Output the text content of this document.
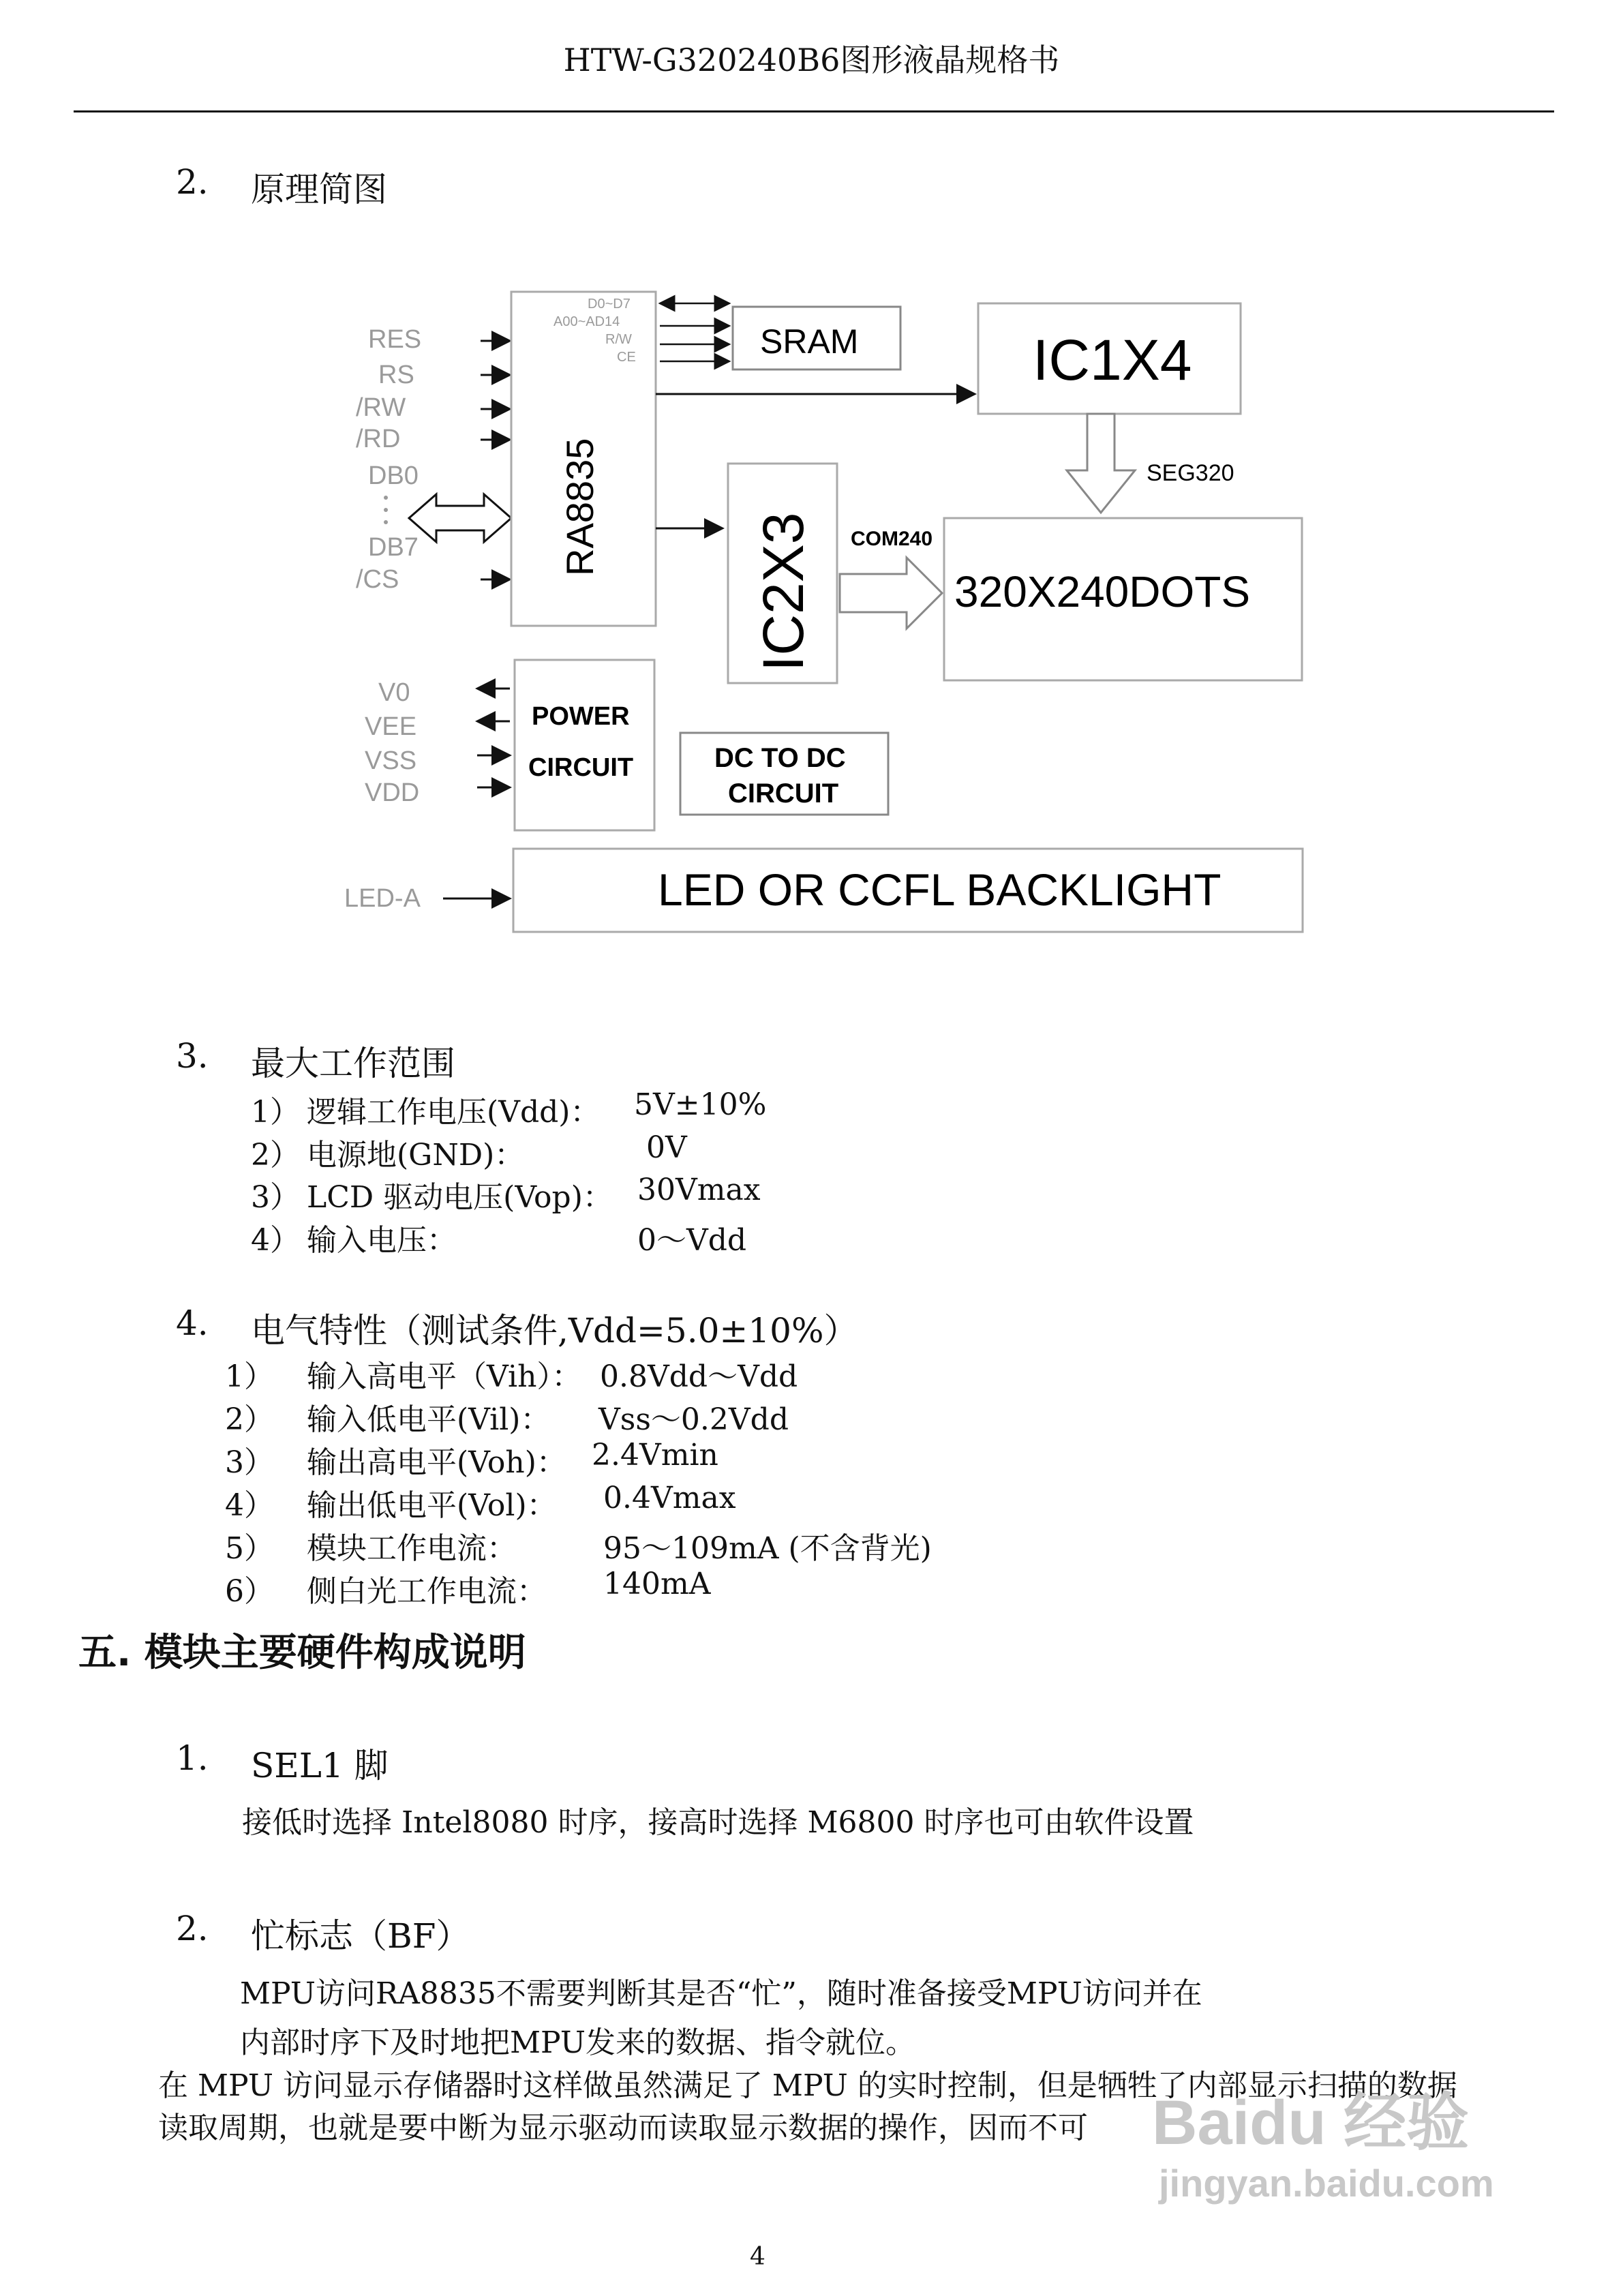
HTW-G320240B6图形液晶规格书
2. 原理简图
RES
RS
/RW
/RD
DB0
DB7
/CS
RA8835
D0~D7
A00~AD14
R/W
CE	SRAM	IC1X4
SEG320
IC2X3 COM240
320X240DOTS
V0
VEE
VSS
VDD
POWER
CIRCUIT	DC TO DC
CIRCUIT
LED-A	LED OR CCFL BACKLIGHT
3. 最大工作范围
1） 逻辑工作电压(Vdd)： 5V±10%
2） 电源地(GND)：	0V
3） LCD 驱动电压(Vop)： 30Vmax
4） 输入电压：	0～Vdd
4. 电气特性（测试条件,Vdd=5.0±10%）
1） 输入高电平（Vih）： 0.8Vdd～Vdd
2） 输入低电平(Vil)： Vss～0.2Vdd
3） 输出高电平(Voh)： 2.4Vmin
4） 输出低电平(Vol)： 0.4Vmax
5） 模块工作电流：	95～109mA (不含背光)
6） 侧白光工作电流： 140mA
五. 模块主要硬件构成说明
1. SEL1 脚
接低时选择 Intel8080 时序，接高时选择 M6800 时序也可由软件设置
2. 忙标志（BF）
MPU访问RA8835不需要判断其是否“忙”，随时准备接受MPU访问并在
内部时序下及时地把MPU发来的数据、指令就位。
在 MPU 访问显示存储器时这样做虽然满足了 MPU 的实时控制，但是牺牲了内部显示扫描的数据
读取周期，也就是要中断为显示驱动而读取显示数据的操作，因而不可 Baidu 经验
jingyan.baidu.com
4
